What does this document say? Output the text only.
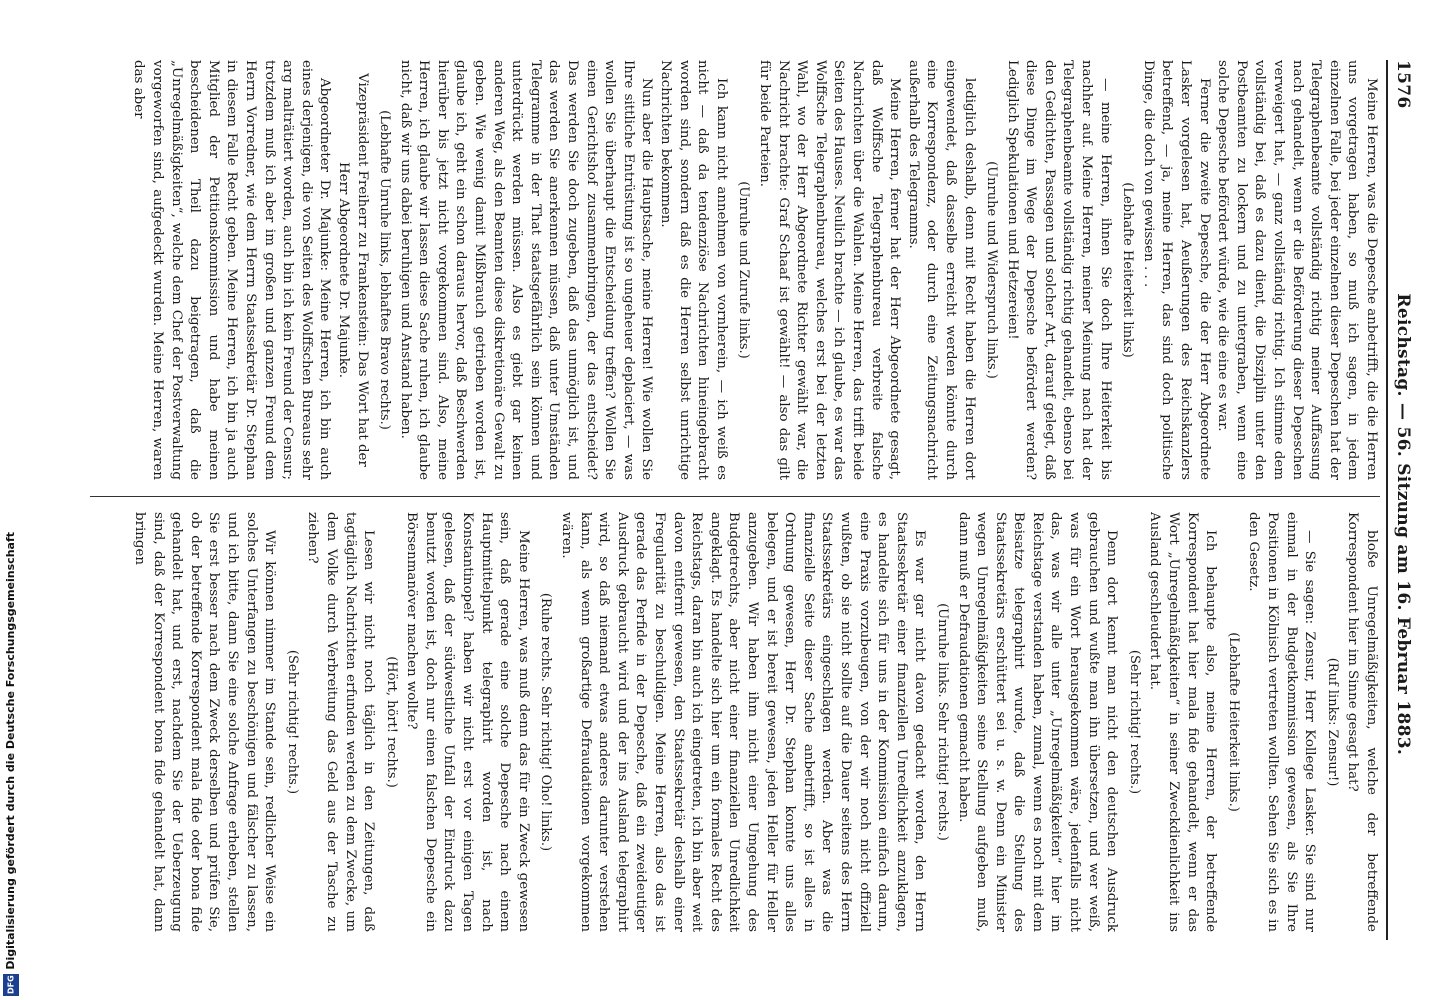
Digitalisierung gefördert durch die Deutsche Forschungsgemeinschaft
DFG
1576
Reichstag. — 56. Sitzung am 16. Februar 1883.

Meine Herren, was die Depesche anbetrifft, die die Herren uns vorgetragen haben, so muß ich sagen, in jedem einzelnen Falle, bei jeder einzelnen dieser Depeschen hat der Telegraphenbeamte vollständig richtig meiner Auffassung nach gehandelt, wenn er die Beförderung dieser Depeschen verweigert hat, — ganz vollständig richtig. Ich stimme dem vollständig bei, daß es dazu dient, die Disziplin unter den Postbeamten zu lockern und zu untergraben, wenn eine solche Depesche befördert würde, wie die eine es war.

Ferner die zweite Depesche, die der Herr Abgeordnete Lasker vorgelesen hat, Aeußerungen des Reichskanzlers betreffend, — ja, meine Herren, das sind doch politische Dinge, die doch von gewissen . . .

(Lebhafte Heiterkeit links)

— meine Herren, ihnen Sie doch Ihre Heiterkeit bis nachher auf. Meine Herren, meiner Meinung nach hat der Telegraphenbeamte vollständig richtig gehandelt, ebenso bei den Gedichten, Passagen und solcher Art, darauf gelegt, daß diese Dinge im Wege der Depesche befördert werden? Lediglich Spekulationen und Hetzereien!

(Unruhe und Widerspruch links.)

lediglich deshalb, denn mit Recht haben die Herren dort eingewendet, daß dasselbe erreicht werden könnte durch eine Korrespondenz, oder durch eine Zeitungsnachricht außerhalb des Telegramms.

Meine Herren, ferner hat der Herr Abgeordnete gesagt, daß Wolffsche Telegraphenbureau verbreite falsche Nachrichten über die Wahlen. Meine Herren, das trifft beide Seiten des Hauses. Neulich brachte — ich glaube, es war das Wolffsche Telegraphenbureau, welches erst bei der letzten Wahl, wo der Herr Abgeordnete Richter gewählt war, die Nachricht brachte: Graf Schaaf ist gewählt! — also das gilt für beide Parteien.

(Unruhe und Zurufe links.)

Ich kann nicht annehmen von vornherein, — ich weiß es nicht — daß da tendenziöse Nachrichten hineingebracht worden sind, sondern daß es die Herren selbst unrichtige Nachrichten bekommen.

Nun aber die Hauptsache, meine Herren! Wie wollen Sie Ihre sittliche Entrüstung ist so ungeheuer deplaciert, — was wollen Sie überhaupt die Entscheidung treffen? Wollen Sie einen Gerichtshof zusammenbringen, der das entscheidet? Das werden Sie doch zugeben, daß das unmöglich ist, und das werden Sie anerkennen müssen, daß unter Umständen Telegramme in der That staatsgefährlich sein können und unterdrückt werden müssen. Also es giebt gar keinen anderen Weg, als den Beamten diese diskretionäre Gewalt zu geben. Wie wenig damit Mißbrauch getrieben worden ist, glaube ich, geht ein schon daraus hervor, daß Beschwerden hierüber bis jetzt nicht vorgekommen sind. Also, meine Herren, ich glaube wir lassen diese Sache ruhen, ich glaube nicht, daß wir uns dabei beruhigen und Anstand haben.

(Lebhafte Unruhe links, lebhaftes Bravo rechts.)

Vizepräsident Freiherr zu Frankenstein: Das Wort hat der Herr Abgeordnete Dr. Majunke.

Abgeordneter Dr. Majunke: Meine Herren, ich bin auch eines derjenigen, die von Seiten des Wolffschen Bureaus sehr arg malträtiert worden, auch bin ich kein Freund der Censur; trotzdem muß ich aber im großen und ganzen Freund dem Herrn Vorredner, wie dem Herrn Staatssekretär Dr. Stephan in diesem Falle Recht geben. Meine Herren, ich bin ja auch Mitglied der Petitionskommission und habe meinen bescheidenen Theil dazu beigetragen, daß die „Unregelmäßigkeiten“, welche dem Chef der Postverwaltung vorgeworfen sind, aufgedeckt wurden. Meine Herren, waren das aber

bloße Unregelmäßigkeiten, welche der betreffende Korrespondent hier im Sinne gesagt hat?

(Ruf links: Zensur!)

— Sie sagen: Zensur, Herr Kollege Lasker. Sie sind nur einmal in der Budgetkommission gewesen, als Sie Ihre Positionen in Kölnisch vertreten wollten. Sehen Sie sich es in den Gesetz.

(Lebhafte Heiterkeit links.)

Ich behaupte also, meine Herren, der betreffende Korrespondent hat hier mala fide gehandelt, wenn er das Wort „Unregelmäßigkeiten“ in seiner Zweckdienlichkeit ins Ausland geschleudert hat.

(Sehr richtig! rechts.)

Denn dort kennt man nicht den deutschen Ausdruck gebrauchen und wußte man ihn übersetzen, und wer weiß, was für ein Wort herausgekommen wäre, jedenfalls nicht das, was wir alle unter „Unregelmäßigkeiten“ hier im Reichstage verstanden haben, zumal, wenn es noch mit dem Beisatze telegraphirt wurde, daß die Stellung des Staatssekretärs erschüttert sei u. s. w. Denn ein Minister wegen Unregelmäßigkeiten seine Stellung aufgeben muß, dann muß er Defraudationen gemacht haben.

(Unruhe links. Sehr richtig! rechts.)

Es war gar nicht davon gedacht worden, den Herrn Staatssekretär einer finanziellen Unredlichkeit anzuklagen, es handelte sich für uns in der Kommission einfach darum, eine Praxis vorzubeugen, von der wir noch nicht offiziell wußten, ob sie nicht sollte auf die Dauer seitens des Herrn Staatssekretärs eingeschlagen werden. Aber was die finanzielle Seite dieser Sache anbetrifft, so ist alles in Ordnung gewesen, Herr Dr. Stephan konnte uns alles belegen, und er ist bereit gewesen, jeden Heller für Heller anzugeben. Wir haben ihm nicht einer Umgehung des Budgetrechts, aber nicht einer finanziellen Unredlichkeit angeklagt. Es handelte sich hier um ein formales Recht des Reichstags, daran bin auch ich eingetreten, ich bin aber weit davon entfernt gewesen, den Staatssekretär deshalb einer Fregularität zu beschuldigen. Meine Herren, also das ist gerade das Perfide in der Depesche, daß ein zweideutiger Ausdruck gebraucht wird und der ins Ausland telegraphirt wird, so daß niemand etwas anderes darunter verstehen kann, als wenn großartige Defraudationen vorgekommen wären.

(Ruhe rechts. Sehr richtig! Oho! links.)

Meine Herren, was muß denn das für ein Zweck gewesen sein, daß gerade eine solche Depesche nach einem Hauptmittelpunkt telegraphirt worden ist, nach Konstantinopel? haben wir nicht erst vor einigen Tagen gelesen, daß der südwestliche Unfall der Eindruck dazu benutzt worden ist, doch nur einen falschen Depesche ein Börsenmanöver machen wollte?

(Hört, hört! rechts.)

Lesen wir nicht noch täglich in den Zeitungen, daß tagtäglich Nachrichten erfunden werden zu dem Zwecke, um dem Volke durch Verbreitung das Geld aus der Tasche zu ziehen?

(Sehr richtig! rechts.)

Wir können nimmer im Stande sein, redlicher Weise ein solches Unterfangen zu beschönigen und fälscher zu lassen, und ich bitte, dann Sie eine solche Anfrage erheben, stellen Sie erst besser nach dem Zweck derselben und prüfen Sie, ob der betreffende Korrespondent mala fide oder bona fide gehandelt hat, und erst, nachdem Sie der Ueberzeugung sind, daß der Korrespondent bona fide gehandelt hat, dann bringen
